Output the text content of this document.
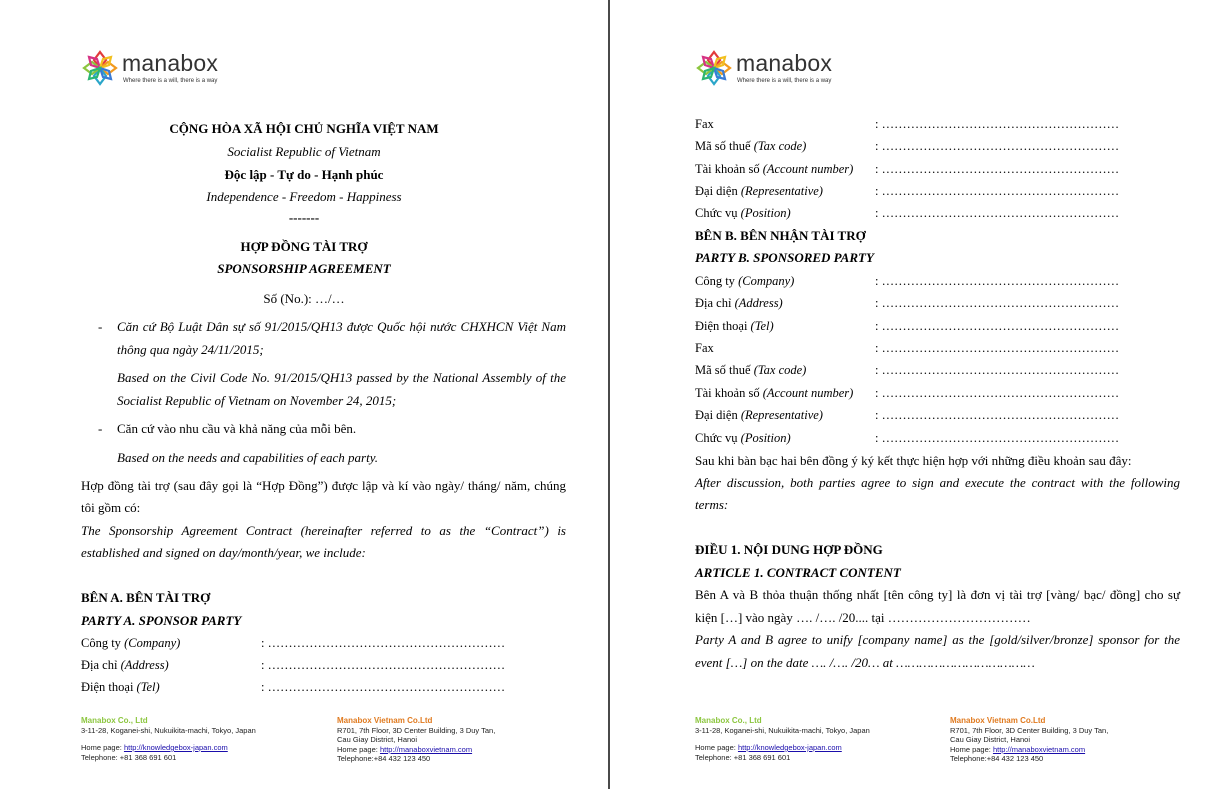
manabox
Where there is a will, there is a way
CỘNG HÒA XÃ HỘI CHỦ NGHĨA VIỆT NAM
Socialist Republic of Vietnam
Độc lập - Tự do - Hạnh phúc
Independence - Freedom - Happiness
-------
HỢP ĐỒNG TÀI TRỢ
SPONSORSHIP AGREEMENT
Số (No.): …/…
- Căn cứ Bộ Luật Dân sự số 91/2015/QH13 được Quốc hội nước CHXHCN Việt Nam
thông qua ngày 24/11/2015;
Based on the Civil Code No. 91/2015/QH13 passed by the National Assembly of the
Socialist Republic of Vietnam on November 24, 2015;
- Căn cứ vào nhu cầu và khả năng của mỗi bên.
Based on the needs and capabilities of each party.
Hợp đồng tài trợ (sau đây gọi là “Hợp Đồng”) được lập và kí vào ngày/ tháng/ năm, chúng
tôi gồm có:
The Sponsorship Agreement Contract (hereinafter referred to as the “Contract”) is
established and signed on day/month/year, we include:
BÊN A. BÊN TÀI TRỢ
PARTY A. SPONSOR PARTY
Công ty (Company)	: …………………………………………………
Địa chỉ (Address)	: …………………………………………………
Điện thoại (Tel)	: …………………………………………………
Manabox Co., Ltd
3-11-28, Koganei-shi, Nukuikita-machi, Tokyo, Japan
Home page: http://knowledgebox-japan.com
Telephone: +81 368 691 601
Manabox Vietnam Co.Ltd
R701, 7th Floor, 3D Center Building, 3 Duy Tan,
Cau Giay District, Hanoi
Home page: http://manaboxvietnam.com
Telephone:+84 432 123 450
manabox
Where there is a will, there is a way
Fax	: …………………………………………………
Mã số thuế (Tax code)	: …………………………………………………
Tài khoản số (Account number) : …………………………………………………
Đại diện (Representative)	: …………………………………………………
Chức vụ (Position)	: …………………………………………………
BÊN B. BÊN NHẬN TÀI TRỢ
PARTY B. SPONSORED PARTY
Công ty (Company)	: …………………………………………………
Địa chỉ (Address)	: …………………………………………………
Điện thoại (Tel)	: …………………………………………………
Fax	: …………………………………………………
Mã số thuế (Tax code)	: …………………………………………………
Tài khoản số (Account number) : …………………………………………………
Đại diện (Representative)	: …………………………………………………
Chức vụ (Position)	: …………………………………………………
Sau khi bàn bạc hai bên đồng ý ký kết thực hiện hợp với những điều khoản sau đây:
After discussion, both parties agree to sign and execute the contract with the following
terms:
ĐIỀU 1. NỘI DUNG HỢP ĐỒNG
ARTICLE 1. CONTRACT CONTENT
Bên A và B thỏa thuận thống nhất [tên công ty] là đơn vị tài trợ [vàng/ bạc/ đồng] cho sự
kiện […] vào ngày …. /…. /20.... tại ……………………………
Party A and B agree to unify [company name] as the [gold/silver/bronze] sponsor for the
event […] on the date …. /…. /20… at ………………………………
Manabox Co., Ltd
3-11-28, Koganei-shi, Nukuikita-machi, Tokyo, Japan
Home page: http://knowledgebox-japan.com
Telephone: +81 368 691 601
Manabox Vietnam Co.Ltd
R701, 7th Floor, 3D Center Building, 3 Duy Tan,
Cau Giay District, Hanoi
Home page: http://manaboxvietnam.com
Telephone:+84 432 123 450
